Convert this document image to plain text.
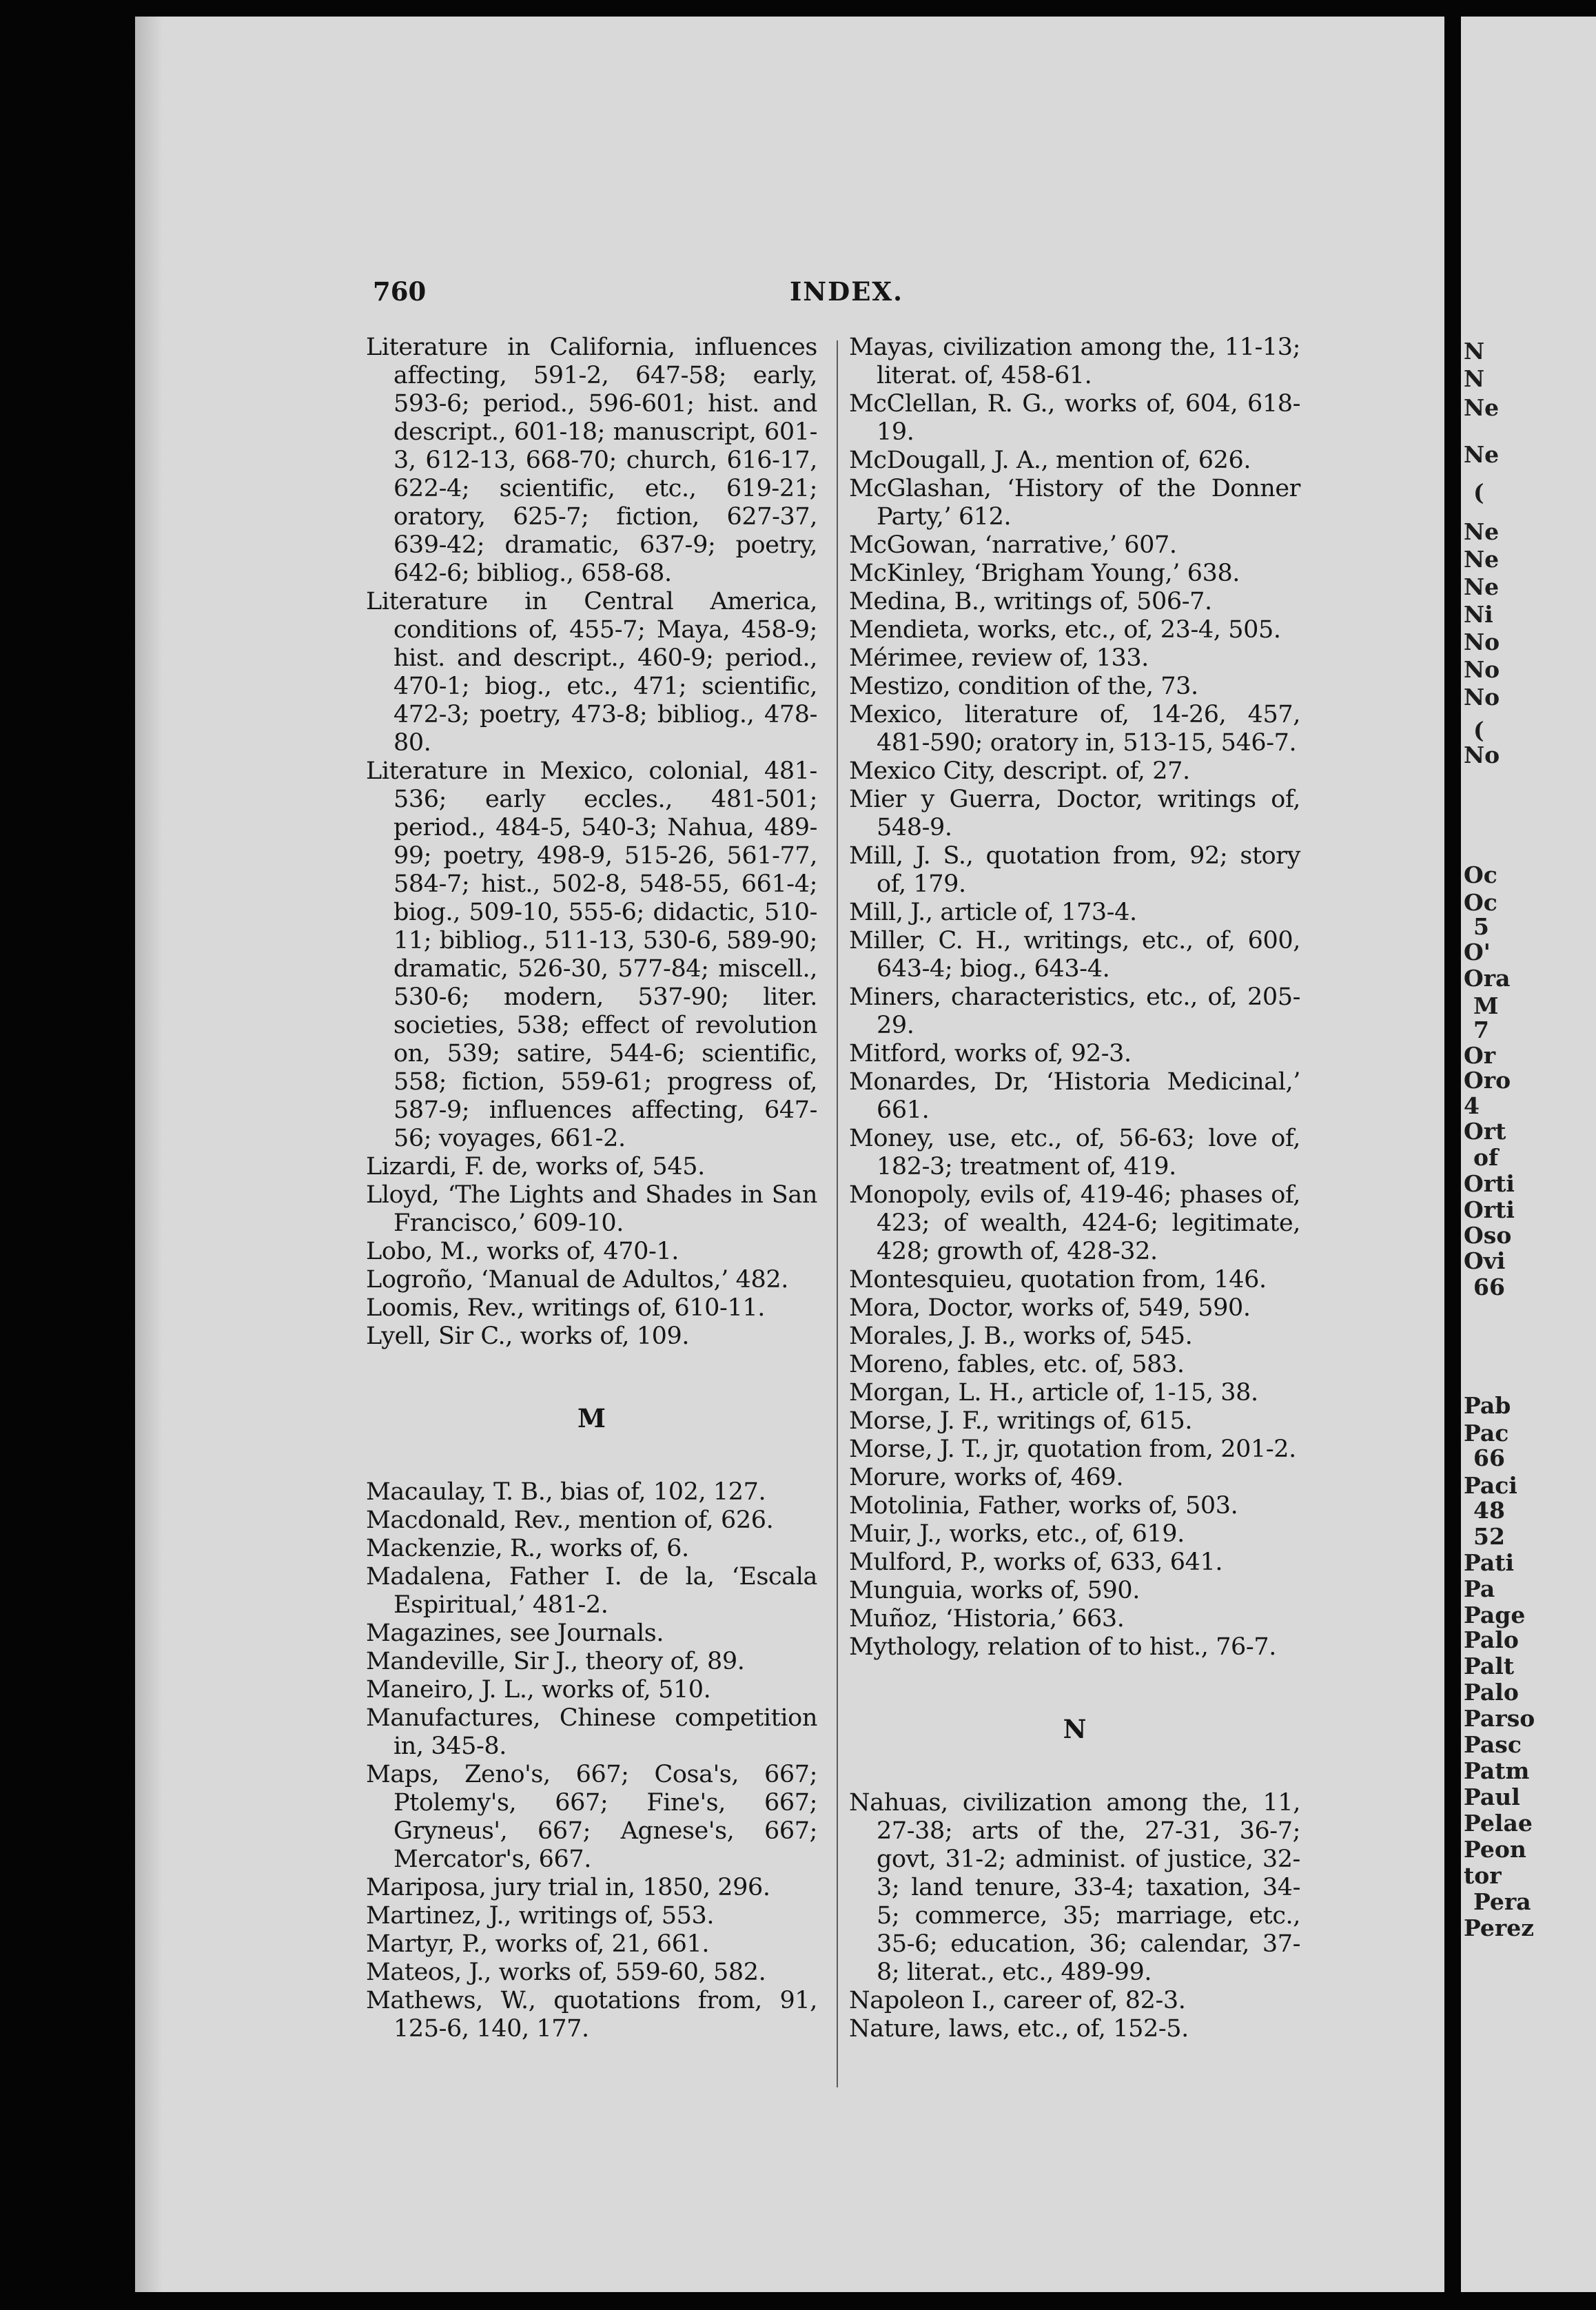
760	INDEX.

Literature in California, influences affecting, 591-2, 647-58; early, 593-6; period., 596-601; hist. and descript., 601-18; manuscript, 601-3, 612-13, 668-70; church, 616-17, 622-4; scientific, etc., 619-21; oratory, 625-7; fiction, 627-37, 639-42; dramatic, 637-9; poetry, 642-6; bibliog., 658-68.

Literature in Central America, conditions of, 455-7; Maya, 458-9; hist. and descript., 460-9; period., 470-1; biog., etc., 471; scientific, 472-3; poetry, 473-8; bibliog., 478-80.

Literature in Mexico, colonial, 481-536; early eccles., 481-501; period., 484-5, 540-3; Nahua, 489-99; poetry, 498-9, 515-26, 561-77, 584-7; hist., 502-8, 548-55, 661-4; biog., 509-10, 555-6; didactic, 510-11; bibliog., 511-13, 530-6, 589-90; dramatic, 526-30, 577-84; miscell., 530-6; modern, 537-90; liter. societies, 538; effect of revolution on, 539; satire, 544-6; scientific, 558; fiction, 559-61; progress of, 587-9; influences affecting, 647-56; voyages, 661-2.

Lizardi, F. de, works of, 545.

Lloyd, ‘The Lights and Shades in San Francisco,’ 609-10.

Lobo, M., works of, 470-1.

Logroño, ‘Manual de Adultos,’ 482.

Loomis, Rev., writings of, 610-11.

Lyell, Sir C., works of, 109.

M

Macaulay, T. B., bias of, 102, 127.

Macdonald, Rev., mention of, 626.

Mackenzie, R., works of, 6.

Madalena, Father I. de la, ‘Escala Espiritual,’ 481-2.

Magazines, see Journals.

Mandeville, Sir J., theory of, 89.

Maneiro, J. L., works of, 510.

Manufactures, Chinese competition in, 345-8.

Maps, Zeno's, 667; Cosa's, 667; Ptolemy's, 667; Fine's, 667; Gryneus', 667; Agnese's, 667; Mercator's, 667.

Mariposa, jury trial in, 1850, 296.

Martinez, J., writings of, 553.

Martyr, P., works of, 21, 661.

Mateos, J., works of, 559-60, 582.

Mathews, W., quotations from, 91, 125-6, 140, 177.

Mayas, civilization among the, 11-13; literat. of, 458-61.

McClellan, R. G., works of, 604, 618-19.

McDougall, J. A., mention of, 626.

McGlashan, ‘History of the Donner Party,’ 612.

McGowan, ‘narrative,’ 607.

McKinley, ‘Brigham Young,’ 638.

Medina, B., writings of, 506-7.

Mendieta, works, etc., of, 23-4, 505.

Mérimee, review of, 133.

Mestizo, condition of the, 73.

Mexico, literature of, 14-26, 457, 481-590; oratory in, 513-15, 546-7.

Mexico City, descript. of, 27.

Mier y Guerra, Doctor, writings of, 548-9.

Mill, J. S., quotation from, 92; story of, 179.

Mill, J., article of, 173-4.

Miller, C. H., writings, etc., of, 600, 643-4; biog., 643-4.

Miners, characteristics, etc., of, 205-29.

Mitford, works of, 92-3.

Monardes, Dr, ‘Historia Medicinal,’ 661.

Money, use, etc., of, 56-63; love of, 182-3; treatment of, 419.

Monopoly, evils of, 419-46; phases of, 423; of wealth, 424-6; legitimate, 428; growth of, 428-32.

Montesquieu, quotation from, 146.

Mora, Doctor, works of, 549, 590.

Morales, J. B., works of, 545.

Moreno, fables, etc. of, 583.

Morgan, L. H., article of, 1-15, 38.

Morse, J. F., writings of, 615.

Morse, J. T., jr, quotation from, 201-2.

Morure, works of, 469.

Motolinia, Father, works of, 503.

Muir, J., works, etc., of, 619.

Mulford, P., works of, 633, 641.

Munguia, works of, 590.

Muñoz, ‘Historia,’ 663.

Mythology, relation of to hist., 76-7.

N

Nahuas, civilization among the, 11, 27-38; arts of the, 27-31, 36-7; govt, 31-2; administ. of justice, 32-3; land tenure, 33-4; taxation, 34-5; commerce, 35; marriage, etc., 35-6; education, 36; calendar, 37-8; literat., etc., 489-99.

Napoleon I., career of, 82-3.

Nature, laws, etc., of, 152-5.

N
N
Ne
Ne
(
Ne
Ne
Ne
Ni
No
No
No
(
No
Oc
Oc
5
O'
Ora
M
7
Or
Oro
4
Ort
of
Orti
Orti
Oso
Ovi
66
Pab
Pac
66
Paci
48
52
Pati
Pa
Page
Palo
Palt
Palo
Parso
Pasc
Patm
Paul
Pelae
Peon
tor
Pera
Perez
